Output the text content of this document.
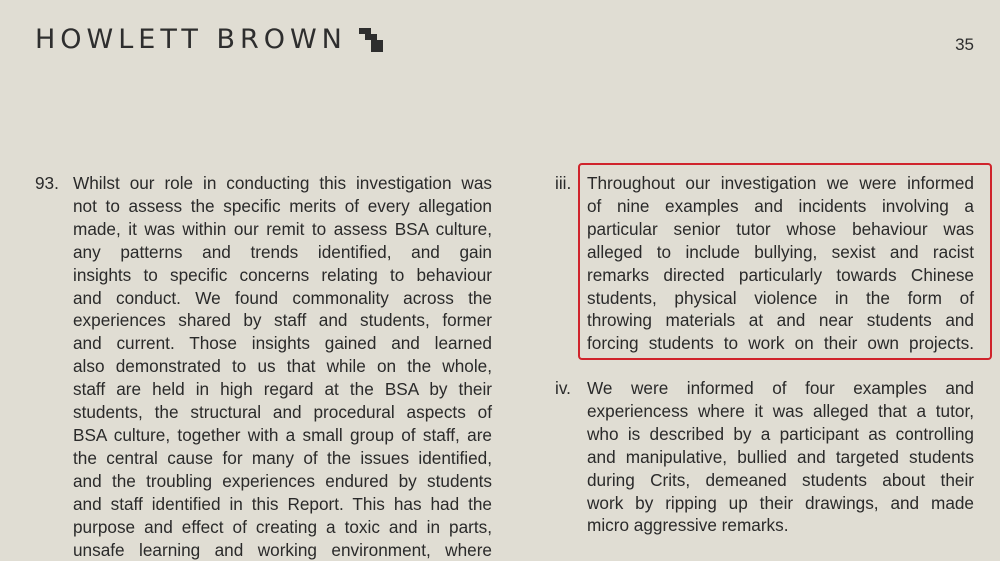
HOWLETT BROWN	35
93. Whilst our role in conducting this investigation was
not to assess the specific merits of every allegation
made, it was within our remit to assess BSA culture,
any patterns and trends identified, and gain
insights to specific concerns relating to behaviour
and conduct. We found commonality across the
experiences shared by staff and students, former
and current. Those insights gained and learned
also demonstrated to us that while on the whole,
staff are held in high regard at the BSA by their
students, the structural and procedural aspects of
BSA culture, together with a small group of staff, are
the central cause for many of the issues identified,
and the troubling experiences endured by students
and staff identified in this Report. This has had the
purpose and effect of creating a toxic and in parts,
unsafe learning and working environment, where
iii. Throughout our investigation we were informed
of nine examples and incidents involving a
particular senior tutor whose behaviour was
alleged to include bullying, sexist and racist
remarks directed particularly towards Chinese
students, physical violence in the form of
throwing materials at and near students and
forcing students to work on their own projects.
iv. We were informed of four examples and
experiencess where it was alleged that a tutor,
who is described by a participant as controlling
and manipulative, bullied and targeted students
during Crits, demeaned students about their
work by ripping up their drawings, and made
micro aggressive remarks.
